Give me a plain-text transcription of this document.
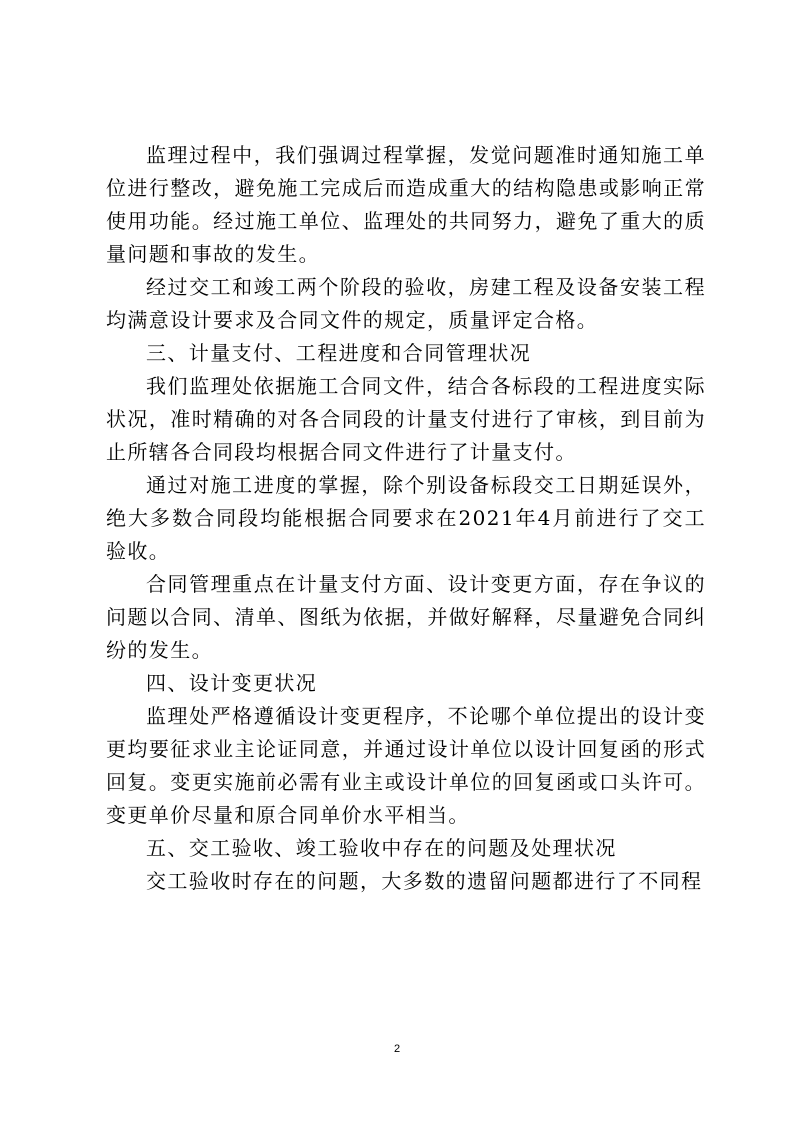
监理过程中，我们强调过程掌握，发觉问题准时通知施工单位进行整改，避免施工完成后而造成重大的结构隐患或影响正常使用功能。经过施工单位、监理处的共同努力，避免了重大的质量问题和事故的发生。

经过交工和竣工两个阶段的验收，房建工程及设备安装工程均满意设计要求及合同文件的规定，质量评定合格。

三、计量支付、工程进度和合同管理状况

我们监理处依据施工合同文件，结合各标段的工程进度实际状况，准时精确的对各合同段的计量支付进行了审核，到目前为止所辖各合同段均根据合同文件进行了计量支付。

通过对施工进度的掌握，除个别设备标段交工日期延误外，绝大多数合同段均能根据合同要求在2021年4月前进行了交工验收。

合同管理重点在计量支付方面、设计变更方面，存在争议的问题以合同、清单、图纸为依据，并做好解释，尽量避免合同纠纷的发生。

四、设计变更状况

监理处严格遵循设计变更程序，不论哪个单位提出的设计变更均要征求业主论证同意，并通过设计单位以设计回复函的形式回复。变更实施前必需有业主或设计单位的回复函或口头许可。变更单价尽量和原合同单价水平相当。

五、交工验收、竣工验收中存在的问题及处理状况

交工验收时存在的问题，大多数的遗留问题都进行了不同程

2
